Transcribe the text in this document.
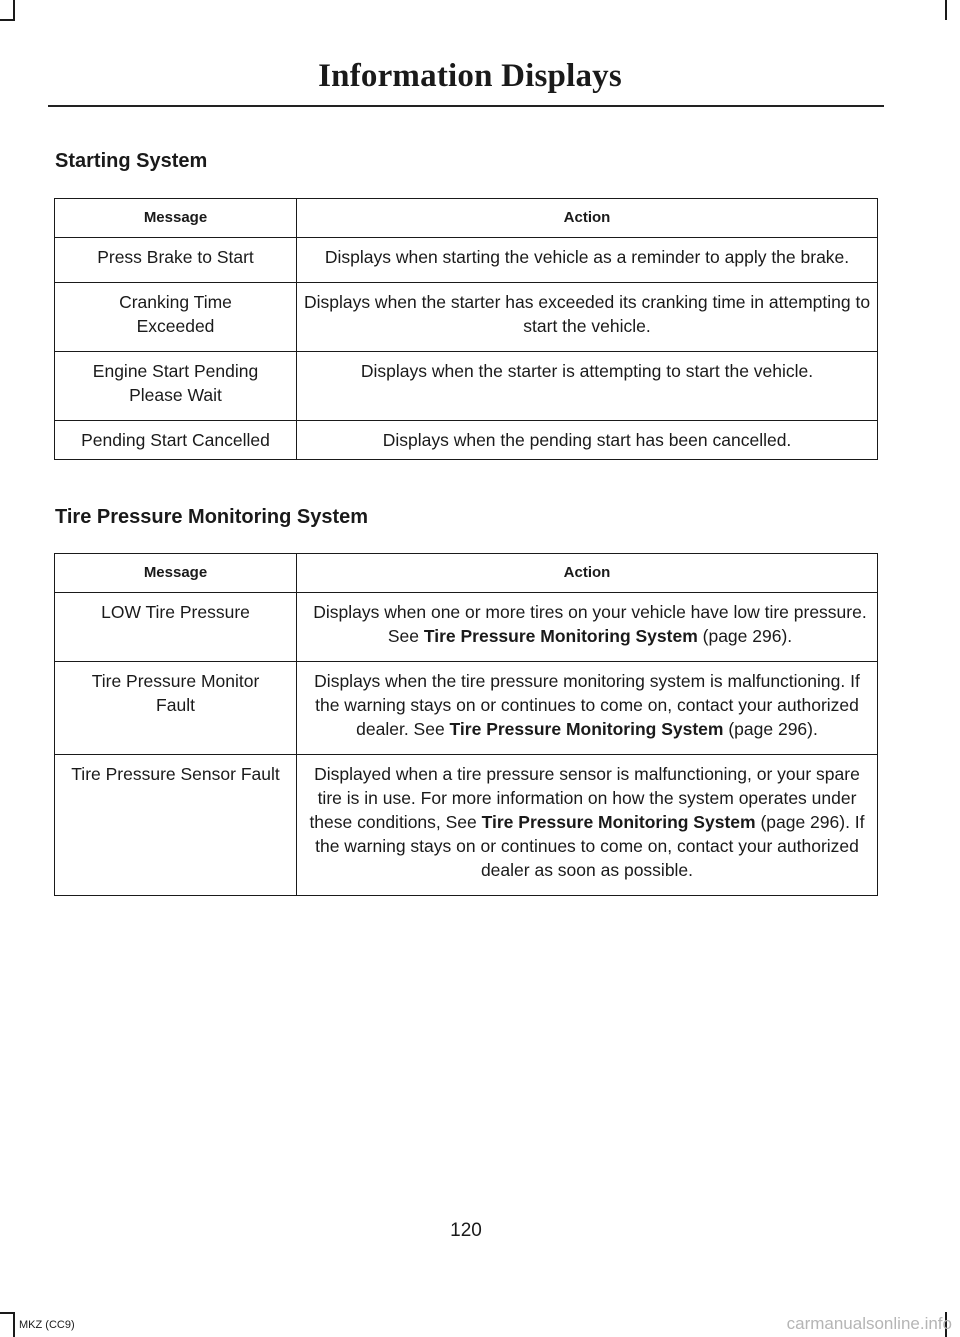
Information Displays
Starting System
Message	Action
Press Brake to Start	Displays when starting the vehicle as a reminder to apply the brake.
Cranking Time Exceeded	Displays when the starter has exceeded its cranking time in attempting to start the vehicle.
Engine Start Pending Please Wait	Displays when the starter is attempting to start the vehicle.
Pending Start Cancelled	Displays when the pending start has been cancelled.
Tire Pressure Monitoring System
Message	Action
LOW Tire Pressure	Displays when one or more tires on your vehicle have low tire pressure. See Tire Pressure Monitoring System (page 296).
Tire Pressure Monitor Fault	Displays when the tire pressure monitoring system is malfunctioning. If the warning stays on or continues to come on, contact your authorized dealer. See Tire Pressure Monitoring System (page 296).
Tire Pressure Sensor Fault	Displayed when a tire pressure sensor is malfunctioning, or your spare tire is in use. For more information on how the system operates under these conditions, See Tire Pressure Monitoring System (page 296). If the warning stays on or continues to come on, contact your authorized dealer as soon as possible.
120
MKZ (CC9)	carmanualsonline.info
